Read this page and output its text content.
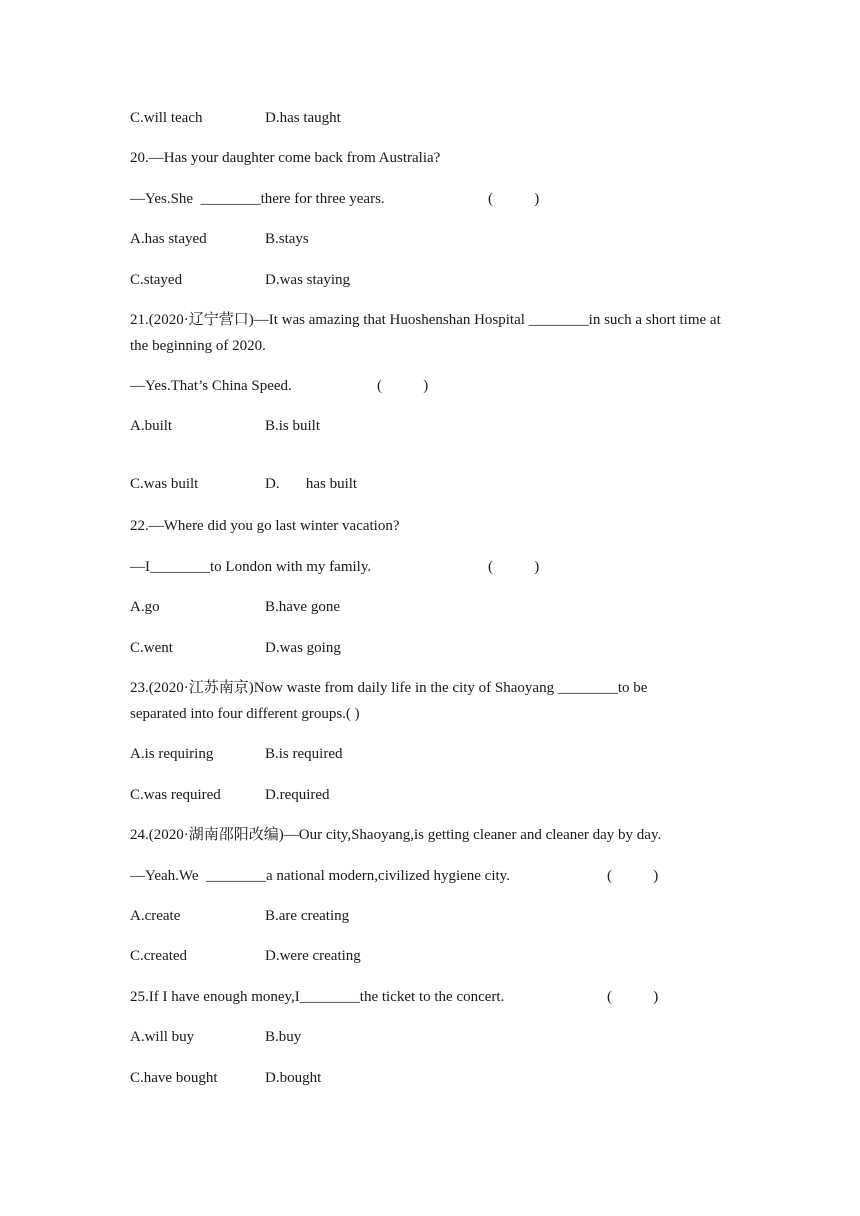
C.will teach	D.has taught
20.—Has your daughter come back from Australia?
—Yes.She  ________there for three years.	(           )
A.has stayed	B.stays
C.stayed	D.was staying
21.(2020·辽宁营口)—It was amazing that Huoshenshan Hospital ________in such a short time at the beginning of 2020.
—Yes.That’s China Speed.	(           )
A.built	B.is built
C.was built	D.       has built
22.—Where did you go last winter vacation?
—I________to London with my family.	(           )
A.go	B.have gone
C.went	D.was going
23.(2020·江苏南京)Now waste from daily life in the city of Shaoyang ________to be separated into four different groups.( )
A.is requiring	B.is required
C.was required	D.required
24.(2020·湖南邵阳改编)—Our city,Shaoyang,is getting cleaner and cleaner day by day.
—Yeah.We  ________a national modern,civilized hygiene city.	(           )
A.create	B.are creating
C.created	D.were creating
25.If I have enough money,I________the ticket to the concert.	(           )
A.will buy	B.buy
C.have bought	D.bought
